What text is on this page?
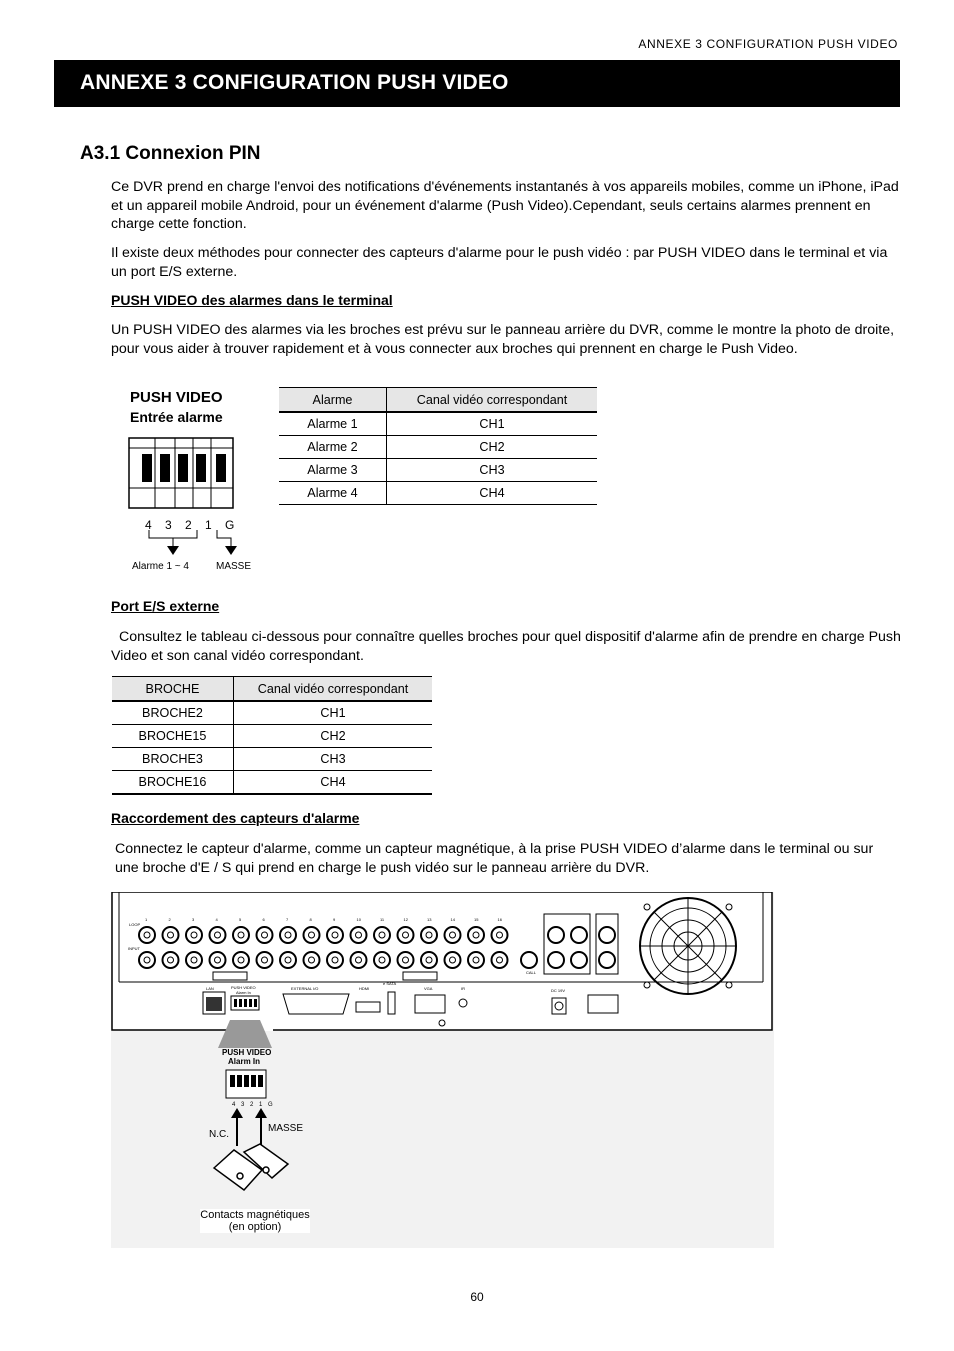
ANNEXE 3 CONFIGURATION PUSH VIDEO
ANNEXE 3 CONFIGURATION PUSH VIDEO
A3.1 Connexion PIN
Ce DVR prend en charge l'envoi des notifications d'événements instantanés à vos appareils mobiles, comme un iPhone, iPad et un appareil mobile Android, pour un événement d'alarme (Push Video).Cependant, seuls certains alarmes prennent en charge cette fonction.
Il existe deux méthodes pour connecter des capteurs d'alarme pour le push vidéo : par PUSH VIDEO dans le terminal et via un port E/S externe.
PUSH VIDEO des alarmes dans le terminal
Un PUSH VIDEO des alarmes via les broches est prévu sur le panneau arrière du DVR, comme le montre la photo de droite, pour vous aider à trouver rapidement et à vous connecter aux broches qui prennent en charge le Push Video.
PUSH VIDEO
Entrée alarme
4 3 2 1 G
Alarme 1 ~ 4	MASSE
Alarme	Canal vidéo correspondant
Alarme 1	CH1
Alarme 2	CH2
Alarme 3	CH3
Alarme 4	CH4
Port E/S externe
Consultez le tableau ci-dessous pour connaître quelles broches pour quel dispositif d'alarme afin de prendre en charge Push Video et son canal vidéo correspondant.
BROCHE	Canal vidéo correspondant
BROCHE2	CH1
BROCHE15	CH2
BROCHE3	CH3
BROCHE16	CH4
Raccordement des capteurs d'alarme
Connectez le capteur d'alarme, comme un capteur magnétique, à la prise PUSH VIDEO d’alarme dans le terminal ou sur une broche d'E / S qui prend en charge le push vidéo sur le panneau arrière du DVR.
1	2	3	4	5	6	7	8	9	10	11	12	13	14	15	16
LOOP
INPUT
LAN	PUSH VIDEO
Alarm In
EXTERNAL I/O	HDMI
e SATA
VGA	IR
CALL
DC 19V
PUSH VIDEO
Alarm In
4 3 2 1 G
N.C.
MASSE
Contacts magnétiques (en option)
60
